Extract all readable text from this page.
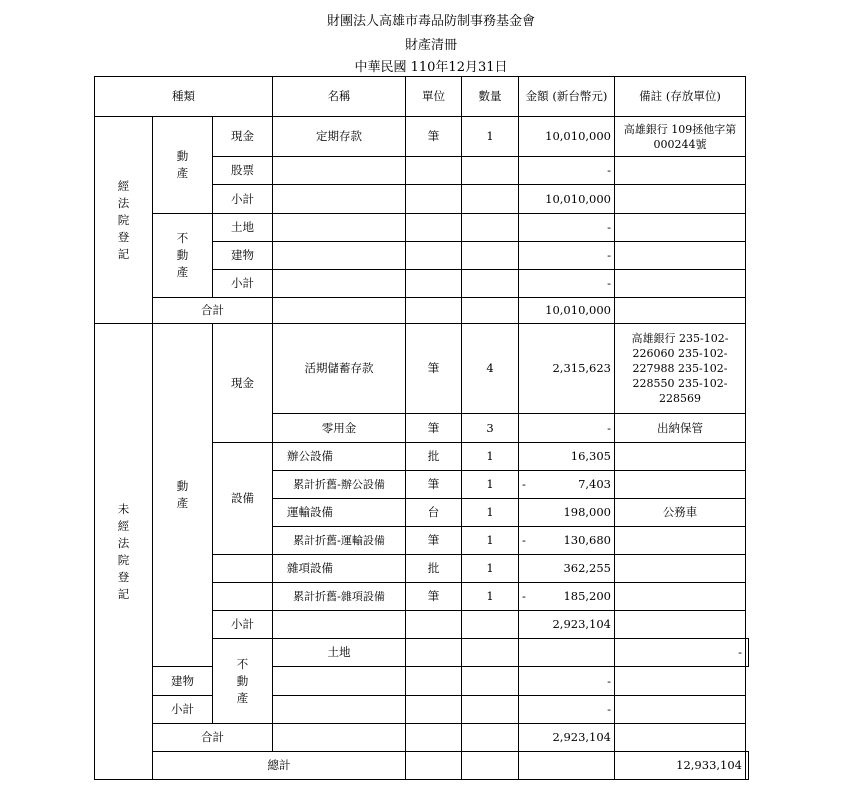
財團法人高雄市毒品防制事務基金會
財產清冊
中華民國 110年12月31日
種類			名稱	單位	數量	金額 (新台幣元)	備註 (存放單位)	

經法院登記	動產	現金	定期存款	筆	1	10,010,000	高雄銀行 109拯他字第000244號	
		股票				-		
		小計				10,010,000		

	不動產	土地				-		
		建物				-		
		小計				-		
	合計					10,010,000		

未經法院登記	動產	現金	活期儲蓄存款	筆	4	2,315,623	高雄銀行 235-102-226060 235-102-227988 235-102-228550 235-102-228569	
			零用金	筆	3	-	出納保管	
		設備	辦公設備	批	1	16,305		
			累計折舊-辦公設備	筆	1	- 7,403		

			運輸設備	台	1	198,000	公務車	
			累計折舊-運輸設備	筆	1	- 130,680		

			雜項設備	批	1	362,255		
			累計折舊-雜項設備	筆	1	- 185,200		

		小計				2,923,104		

		不動產	土地				-	
	建物					-		
	小計					-		
	合計					2,923,104		
	總計						12,933,104	
